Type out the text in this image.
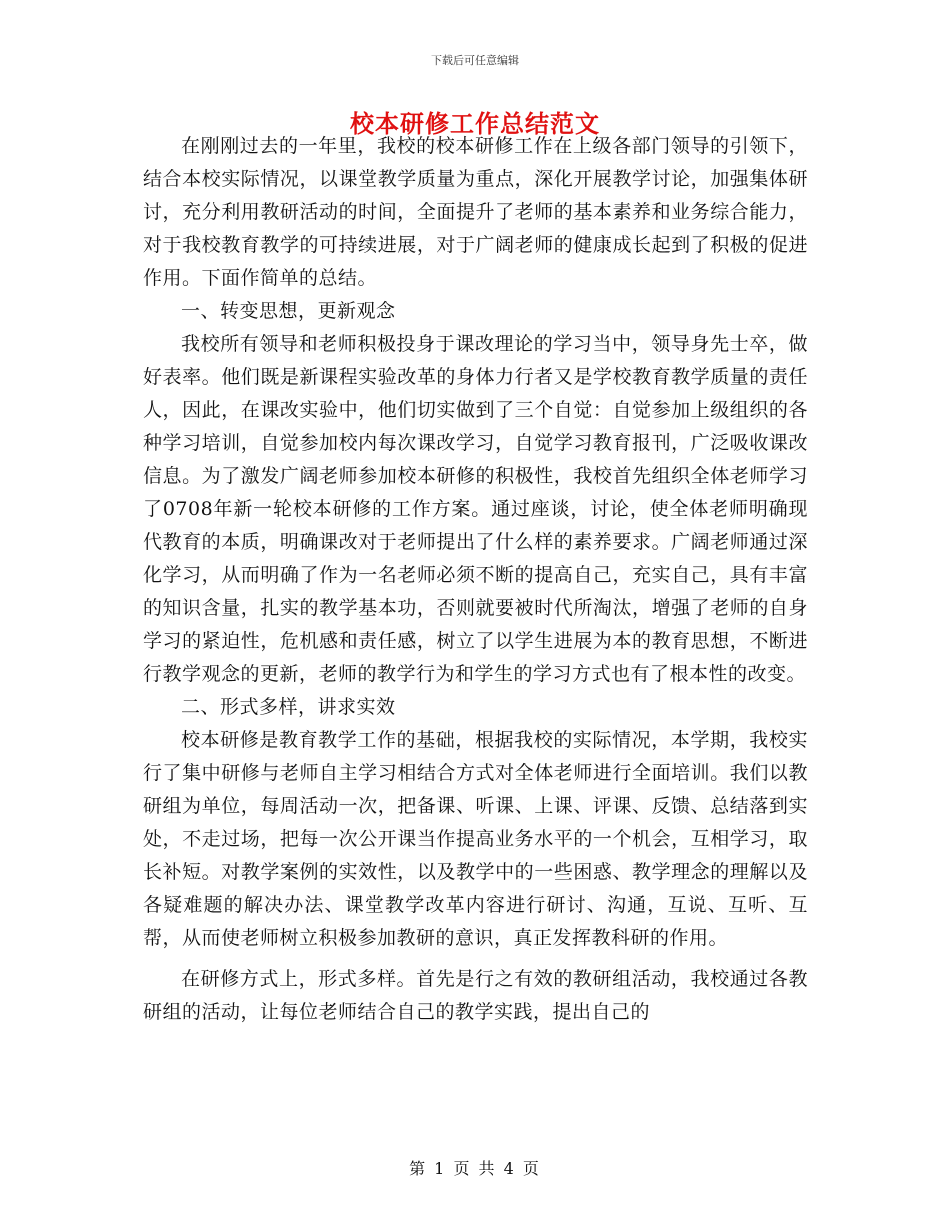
下载后可任意编辑
校本研修工作总结范文

在刚刚过去的一年里，我校的校本研修工作在上级各部门领导的引领下，结合本校实际情况，以课堂教学质量为重点，深化开展教学讨论，加强集体研讨，充分利用教研活动的时间，全面提升了老师的基本素养和业务综合能力，对于我校教育教学的可持续进展，对于广阔老师的健康成长起到了积极的促进作用。下面作简单的总结。

一、转变思想，更新观念

我校所有领导和老师积极投身于课改理论的学习当中，领导身先士卒，做好表率。他们既是新课程实验改革的身体力行者又是学校教育教学质量的责任人，因此，在课改实验中，他们切实做到了三个自觉：自觉参加上级组织的各种学习培训，自觉参加校内每次课改学习，自觉学习教育报刊，广泛吸收课改信息。为了激发广阔老师参加校本研修的积极性，我校首先组织全体老师学习了0708年新一轮校本研修的工作方案。通过座谈，讨论，使全体老师明确现代教育的本质，明确课改对于老师提出了什么样的素养要求。广阔老师通过深化学习，从而明确了作为一名老师必须不断的提高自己，充实自己，具有丰富的知识含量，扎实的教学基本功，否则就要被时代所淘汰，增强了老师的自身学习的紧迫性，危机感和责任感，树立了以学生进展为本的教育思想，不断进行教学观念的更新，老师的教学行为和学生的学习方式也有了根本性的改变。

二、形式多样，讲求实效

校本研修是教育教学工作的基础，根据我校的实际情况，本学期，我校实行了集中研修与老师自主学习相结合方式对全体老师进行全面培训。我们以教研组为单位，每周活动一次，把备课、听课、上课、评课、反馈、总结落到实处，不走过场，把每一次公开课当作提高业务水平的一个机会，互相学习，取长补短。对教学案例的实效性，以及教学中的一些困惑、教学理念的理解以及各疑难题的解决办法、课堂教学改革内容进行研讨、沟通，互说、互听、互帮，从而使老师树立积极参加教研的意识，真正发挥教科研的作用。

在研修方式上，形式多样。首先是行之有效的教研组活动，我校通过各教研组的活动，让每位老师结合自己的教学实践，提出自己的

第 1 页 共 4 页
